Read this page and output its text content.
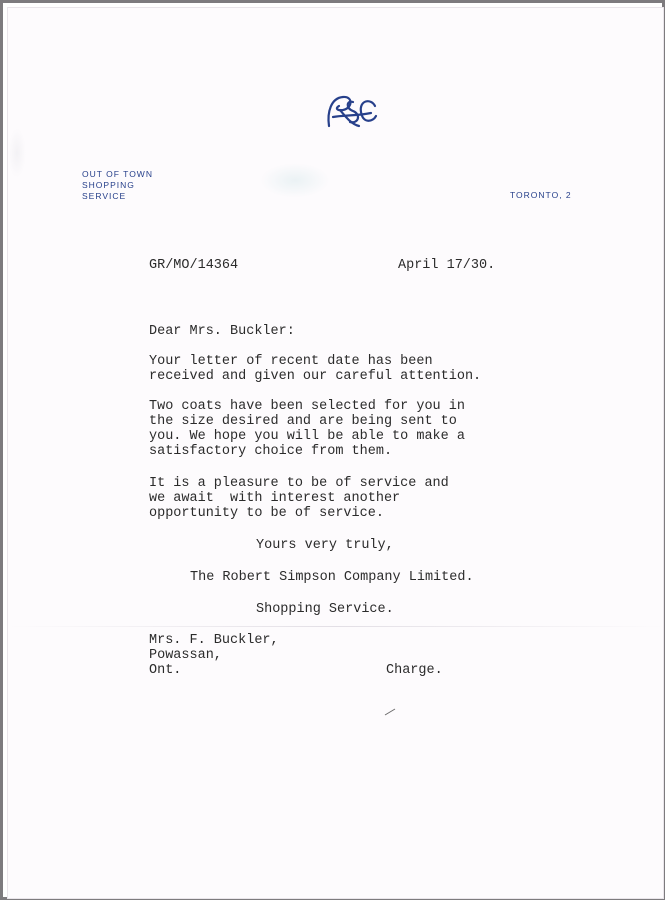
OUT OF TOWN
SHOPPING
SERVICE	TORONTO, 2
GR/MO/14364	April 17/30.
Dear Mrs. Buckler:
Your letter of recent date has been
received and given our careful attention.
Two coats have been selected for you in
the size desired and are being sent to
you. We hope you will be able to make a
satisfactory choice from them.
It is a pleasure to be of service and
we await  with interest another
opportunity to be of service.
Yours very truly,
The Robert Simpson Company Limited.
Shopping Service.
Mrs. F. Buckler,
Powassan,
Ont.	Charge.
